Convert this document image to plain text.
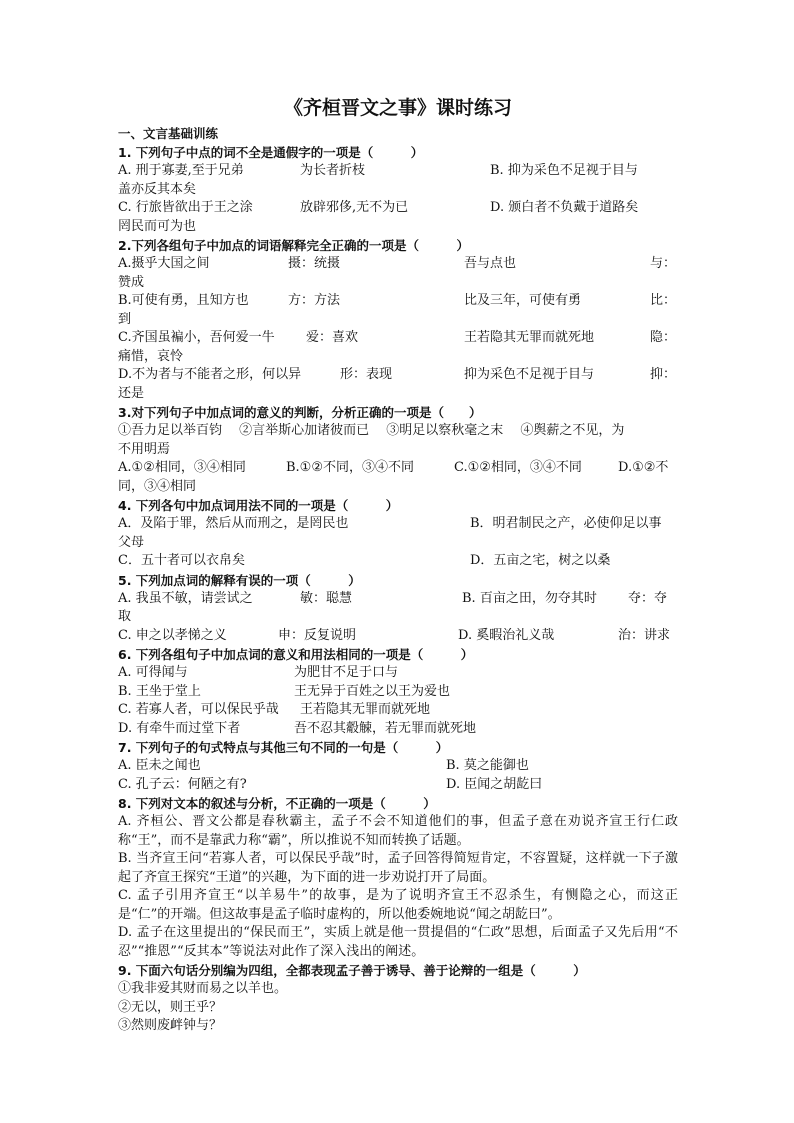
《齐桓晋文之事》课时练习
一、文言基础训练
1. 下列句子中点的词不全是通假字的一项是（　　　）
A. 刑于寡妻,至于兄弟	为长者折枝	B. 抑为采色不足视于目与
盖亦反其本矣
C. 行旅皆欲出于王之涂	放辟邪侈,无不为已	D. 颁白者不负戴于道路矣
罔民而可为也
2.下列各组句子中加点的词语解释完全正确的一项是（　　　）
A.摄乎大国之间	摄：统摄	吾与点也	与：
赞成
B.可使有勇，且知方也	方：方法	比及三年，可使有勇	比：
到
C.齐国虽褊小，吾何爱一牛 爱：喜欢	王若隐其无罪而就死地	隐：
痛惜，哀怜
D.不为者与不能者之形，何以异	形：表现	抑为采色不足视于目与	抑：
还是
3.对下列句子中加点词的意义的判断，分析正确的一项是（　　）
①吾力足以举百钧　 ②言举斯心加诸彼而已　 ③明足以察秋毫之末　 ④舆薪之不见，为
不用明焉
A.①②相同，③④相同	B.①②不同，③④不同	C.①②相同，③④不同	D.①②不
同，③④相同
4. 下列各句中加点词用法不同的一项是（　　　）
A．及陷于罪，然后从而刑之，是罔民也	B．明君制民之产，必使仰足以事
父母
C．五十者可以衣帛矣	D．五亩之宅，树之以桑
5. 下列加点词的解释有误的一项（　　　）
A. 我虽不敏，请尝试之	敏：聪慧	B. 百亩之田，勿夺其时 夺：夺
取
C. 申之以孝悌之义	申：反复说明	D. 奚暇治礼义哉	治：讲求
6. 下列各组句子中加点词的意义和用法相同的一项是（　　　）
A. 可得闻与	为肥甘不足于口与
B. 王坐于堂上	王无异于百姓之以王为爱也
C. 若寡人者，可以保民乎哉 王若隐其无罪而就死地
D. 有牵牛而过堂下者	吾不忍其觳觫，若无罪而就死地
7. 下列句子的句式特点与其他三句不同的一句是（　　　）
A. 臣未之闻也	B. 莫之能御也
C. 孔子云：何陋之有?	D. 臣闻之胡龁曰
8. 下列对文本的叙述与分析，不正确的一项是（　　　）
A. 齐桓公、晋文公都是春秋霸主，孟子不会不知道他们的事，但孟子意在劝说齐宣王行仁政称“王”，而不是靠武力称“霸”，所以推说不知而转换了话题。
B. 当齐宣王问“若寡人者，可以保民乎哉”时，孟子回答得简短肯定，不容置疑，这样就一下子激起了齐宣王探究“王道”的兴趣，为下面的进一步劝说打开了局面。
C. 孟子引用齐宣王“以羊易牛”的故事，是为了说明齐宣王不忍杀生，有恻隐之心，而这正是“仁”的开端。但这故事是孟子临时虚构的，所以他委婉地说“闻之胡龁曰”。
D. 孟子在这里提出的“保民而王”，实质上就是他一贯提倡的“仁政”思想，后面孟子又先后用“不忍”“推恩”“反其本”等说法对此作了深入浅出的阐述。
9. 下面六句话分别编为四组，全都表现孟子善于诱导、善于论辩的一组是（　　　）
①我非爱其财而易之以羊也。
②无以，则王乎？
③然则废衅钟与？
